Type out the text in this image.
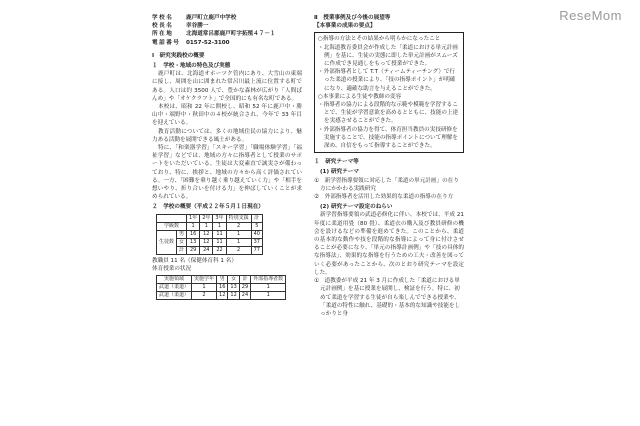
ReseMom
学校名	鹿戸町立鹿戸中学校
校長名	幸谷勝一
所在地	北海道常呂郡鹿戸町字拓殖４７－１
電話番号	0157-52-3100
Ⅰ　研究実践校の概要
１　学校・地域の特色及び実態

鹿戸町は、北海道オホーツク管内にあり、大雪山の東端に接し、周囲を山に囲まれた常呂川最上流に位置する町である。人口は約 3500 人で、豊かな森林が広がり「人間ばんめ」や「オケクラフト」で全国的にも有名な町である。

本校は、昭和 22 年に開校し、昭和 52 年に鹿戸中・勝山中・端野中・秋田中の４校が統合され、今年で 33 年目を迎えている。

教育活動については、多くの地域住民の協力により、魅力ある活動を展開できる風土がある。

特に、「和楽器学習」「スキー学習」「職場体験学習」「福祉学習」などでは、地域の方々に指導者として授業のサポートをいただいている。生徒は大変素直で誠実さが備わっており、特に、挨拶と、地域の方々から高く評価されている。一方、「困難を乗り越く乗り越えていく力」や「相手を想いやり、折り合いを付ける力」を伸ばしていくことが求められている。

２　学校の概要（平成２２年５月１日現在）
		1年	2年	3年	特別支援	計
学級数		1	1	1	2	5
生徒数	男	16	12	11	1	40
	女	13	12	11	1	37
	計	29	24	22	2	77
教職員 11 名（保健体育科 1 名）
体育授業の状況
実施領域	実施学年	男	女	計	外部指導者数
武道（柔道）	1	16	13	29	1
武道（柔道）	2	12	12	24	1
Ⅱ　授業事例及び今後の展望等
【本事業の成果の要点】
○指導の方法とその結果から明らかになったこと

・北海道教育委員会が作成した「柔道における単元計画例」を基に、生徒の実態に即した単元計画がスムーズに作成でき見通しをもって授業ができた。

・外部指導者として T.T（ティームティーチング）で行った柔道の授業により、「技の指導ポイント」が明確になり、適確な助言を与えることができた。

○本事業による生徒や教師の変容

・指導者の協力による段階的な示範や模範を学習することで、生徒が学習意欲を高めるとともに、技能の上達を実感させることができた。

・外部指導者の協力を得て、体育担当教員の実技研修を実施することで、技能の指導ポイントについて理解を深め、自信をもって指導することができた。

１　研究テーマ等
(1) 研究テーマ

①　新学習指導要領に対応した「柔道の単元計画」の在り方にかかわる実践研究

②　外部指導者を活用した効果的な柔道の指導の在り方

(2) 研究テーマ設定のねらい

新学習指導要領の武道必修化に伴い、本校では、平成 21 年度に柔道用畳（80 畳）、柔道衣の購入及び教員研修の機会を設けるなどの準備を進めてきた。このことから、柔道の基本的な動作や技を段階的な指導によって身に付けさせることが必要になり、「単元の指導計画例」や「技の具体的な指導法」、効果的な指導を行うための工夫・改善を図っていく必要があったことから、次のとおり研究テーマを設定した。

①　道教委が平成 21 年 3 月に作成した「柔道における単元計画例」を基に授業を展開し、検証を行う。特に、初めて柔道を学習する生徒が自ら楽しんでできる授業や、「柔道の特性に触れ、基礎的・基本的な知識や技能をしっかりと身
